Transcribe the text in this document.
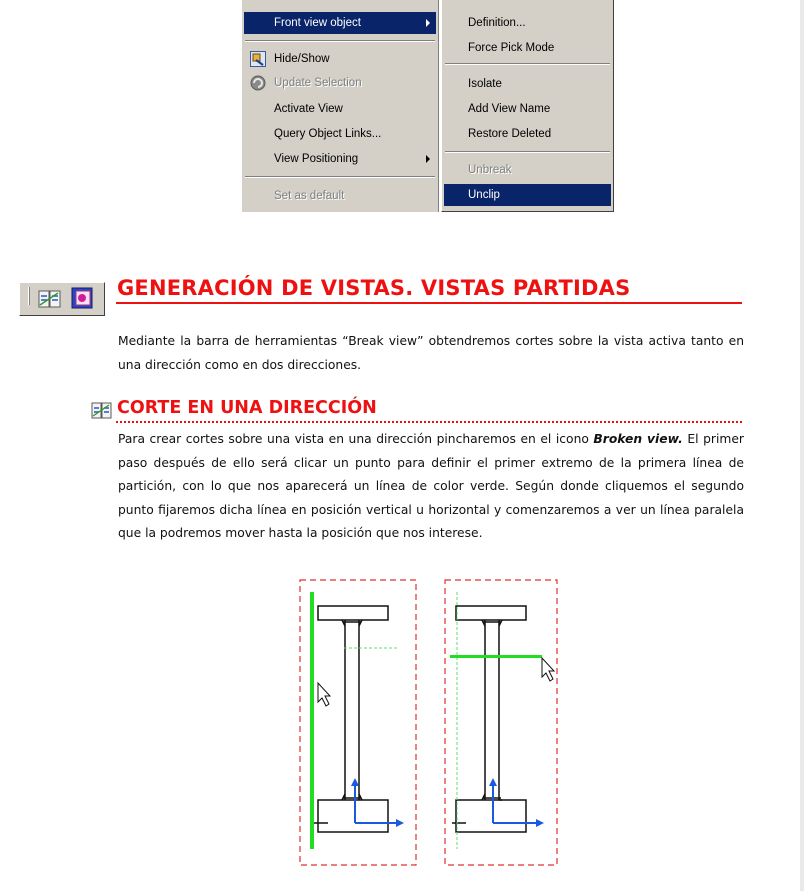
Front view object
Hide/Show
Update Selection
Activate View
Query Object Links...
View Positioning
Set as default
Definition...
Force Pick Mode
Isolate
Add View Name
Restore Deleted
Unbreak
Unclip
GENERACIÓN DE VISTAS. VISTAS PARTIDAS
Mediante la barra de herramientas “Break view” obtendremos cortes sobre la vista activa tanto en una dirección como en dos direcciones.
CORTE EN UNA DIRECCIÓN
Para crear cortes sobre una vista en una dirección pincharemos en el icono Broken view. El primer paso después de ello será clicar un punto para definir el primer extremo de la primera línea de partición, con lo que nos aparecerá un línea de color verde. Según donde cliquemos el segundo punto fijaremos dicha línea en posición vertical u horizontal y comenzaremos a ver un línea paralela que la podremos mover hasta la posición que nos interese.
